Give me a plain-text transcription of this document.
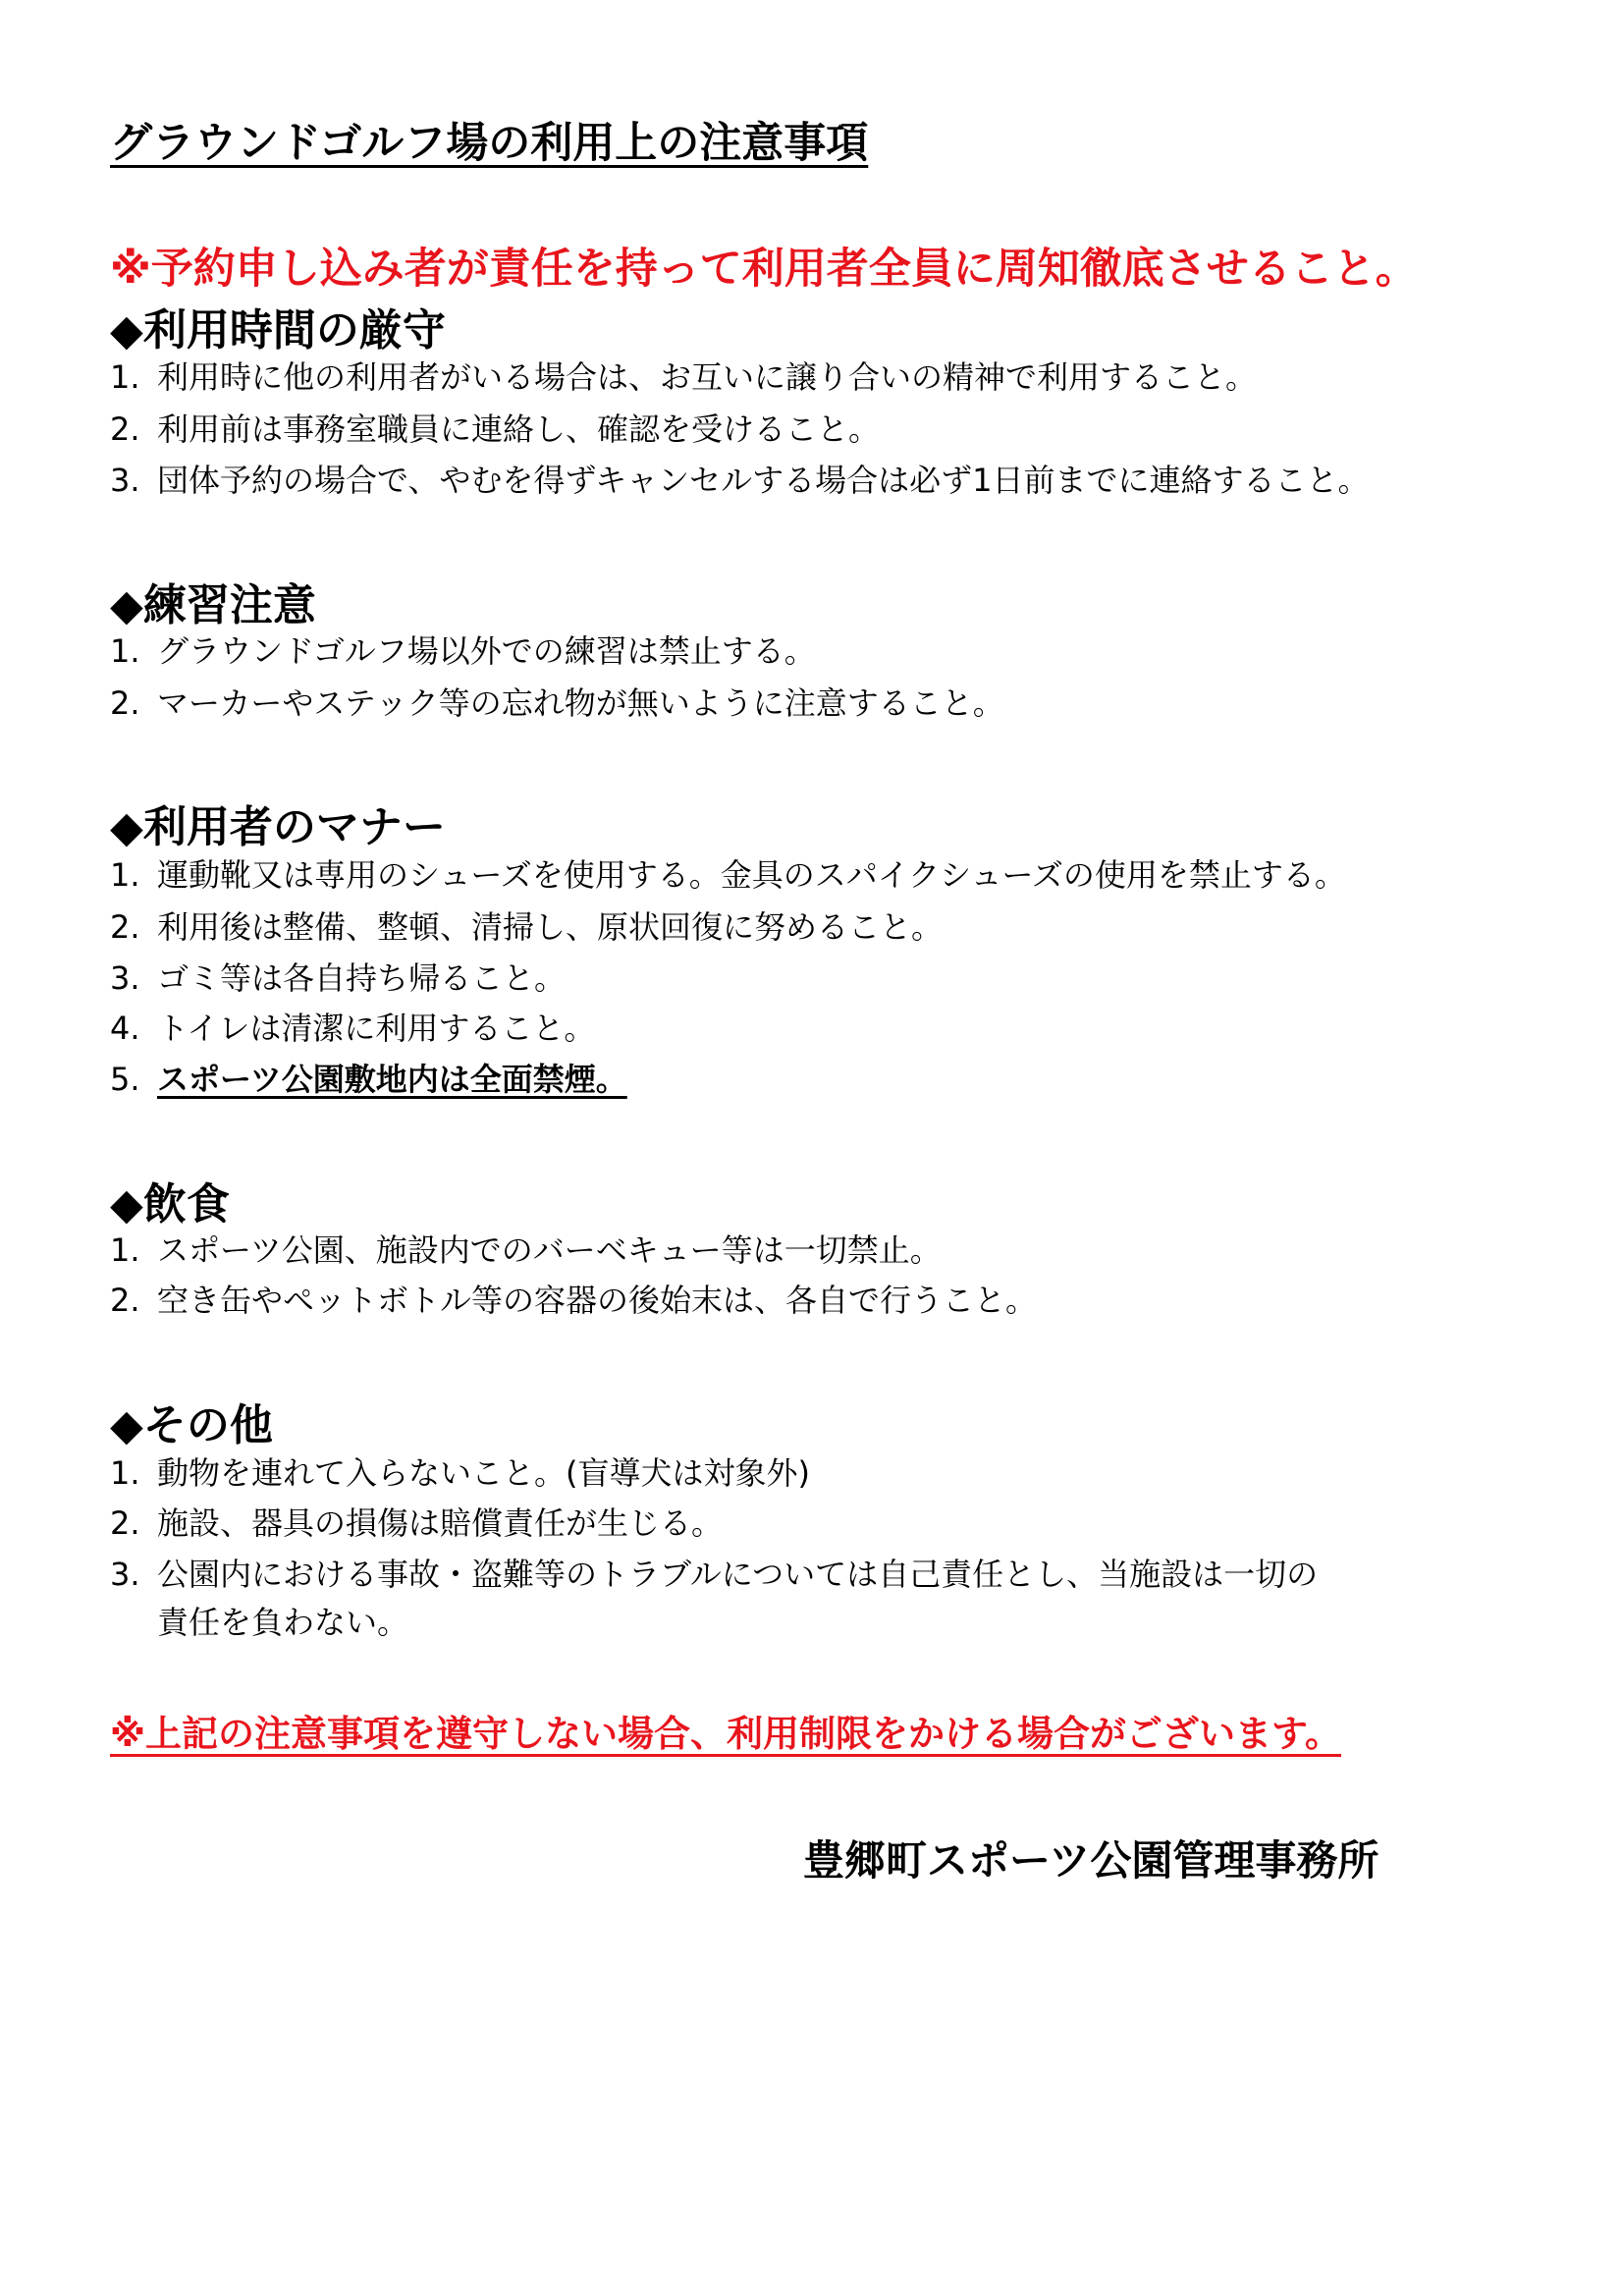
グラウンドゴルフ場の利用上の注意事項
※予約申し込み者が責任を持って利用者全員に周知徹底させること。
◆利用時間の厳守
1. 利用時に他の利用者がいる場合は、お互いに譲り合いの精神で利用すること。
2. 利用前は事務室職員に連絡し、確認を受けること。
3. 団体予約の場合で、やむを得ずキャンセルする場合は必ず1日前までに連絡すること。
◆練習注意
1. グラウンドゴルフ場以外での練習は禁止する。
2. マーカーやステック等の忘れ物が無いように注意すること。
◆利用者のマナー
1. 運動靴又は専用のシューズを使用する。金具のスパイクシューズの使用を禁止する。
2. 利用後は整備、整頓、清掃し、原状回復に努めること。
3. ゴミ等は各自持ち帰ること。
4. トイレは清潔に利用すること。
5. スポーツ公園敷地内は全面禁煙。
◆飲食
1. スポーツ公園、施設内でのバーベキュー等は一切禁止。
2. 空き缶やペットボトル等の容器の後始末は、各自で行うこと。
◆その他
1. 動物を連れて入らないこと。(盲導犬は対象外)
2. 施設、器具の損傷は賠償責任が生じる。
3. 公園内における事故・盗難等のトラブルについては自己責任とし、当施設は一切の
責任を負わない。
※上記の注意事項を遵守しない場合、利用制限をかける場合がございます。
豊郷町スポーツ公園管理事務所
